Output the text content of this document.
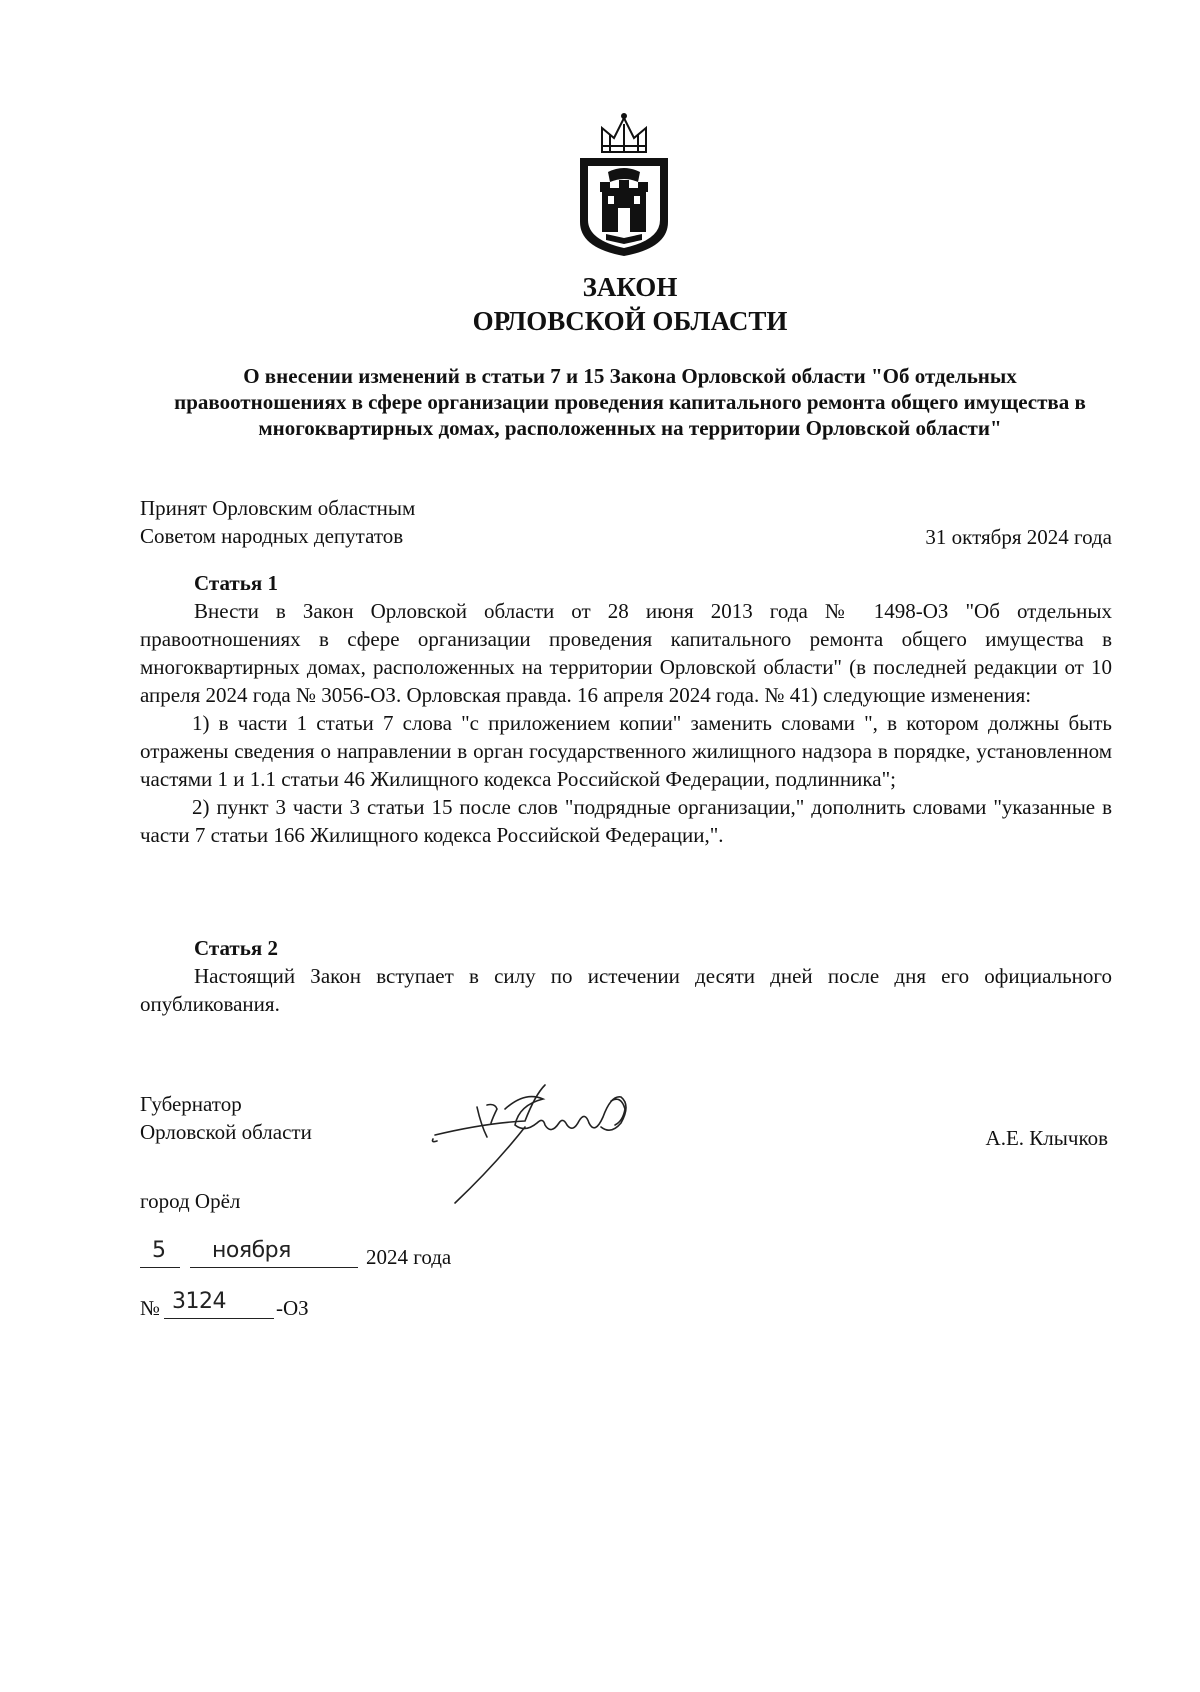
ЗАКОН
ОРЛОВСКОЙ ОБЛАСТИ
О внесении изменений в статьи 7 и 15 Закона Орловской области "Об отдельных правоотношениях в сфере организации проведения капитального ремонта общего имущества в многоквартирных домах, расположенных на территории Орловской области"
Принят Орловским областным
Советом народных депутатов	31 октября 2024 года
Статья 1

Внести в Закон Орловской области от 28 июня 2013 года № 1498-ОЗ "Об отдельных правоотношениях в сфере организации проведения капитального ремонта общего имущества в многоквартирных домах, расположенных на территории Орловской области" (в последней редакции от 10 апреля 2024 года № 3056-ОЗ. Орловская правда. 16 апреля 2024 года. № 41) следующие изменения:

1) в части 1 статьи 7 слова "с приложением копии" заменить словами ", в котором должны быть отражены сведения о направлении в орган государственного жилищного надзора в порядке, установленном частями 1 и 1.1 статьи 46 Жилищного кодекса Российской Федерации, подлинника";

2) пункт 3 части 3 статьи 15 после слов "подрядные организации," дополнить словами "указанные в части 7 статьи 166 Жилищного кодекса Российской Федерации,".

Статья 2

Настоящий Закон вступает в силу по истечении десяти дней после дня его официального опубликования.

Губернатор
Орловской области	А.Е. Клычков
город Орёл
5 ноября	2024 года
№ 3124 -ОЗ
